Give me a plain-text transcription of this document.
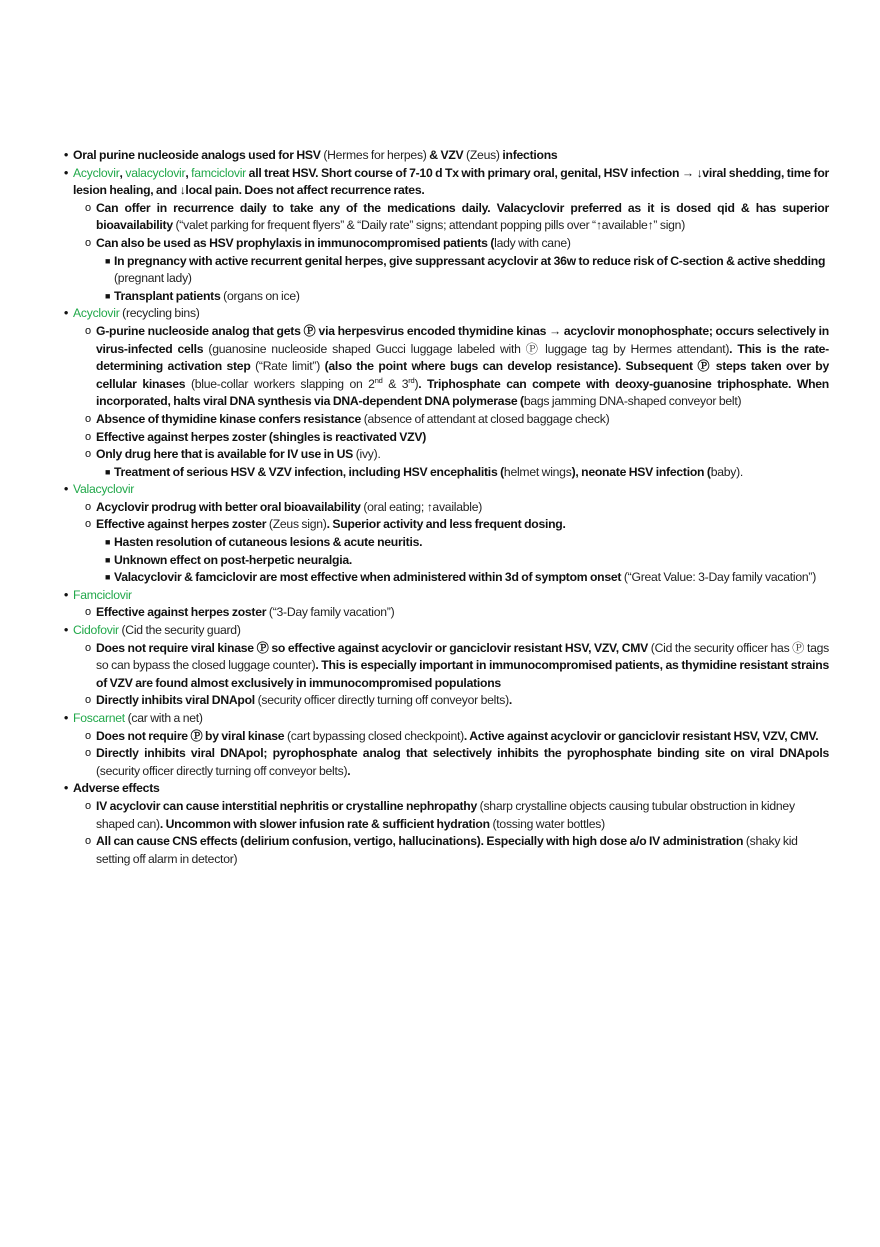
• Oral purine nucleoside analogs used for HSV (Hermes for herpes) & VZV (Zeus) infections
• Acyclovir, valacyclovir, famciclovir all treat HSV. Short course of 7-10 d Tx with primary oral, genital, HSV infection → ↓viral shedding, time for lesion healing, and ↓local pain. Does not affect recurrence rates.
o Can offer in recurrence daily to take any of the medications daily. Valacyclovir preferred as it is dosed qid & has superior bioavailability (“valet parking for frequent flyers” & “Daily rate” signs; attendant popping pills over “↑available↑” sign)
o Can also be used as HSV prophylaxis in immunocompromised patients (lady with cane)
■ In pregnancy with active recurrent genital herpes, give suppressant acyclovir at 36w to reduce risk of C-section & active shedding (pregnant lady)
■ Transplant patients (organs on ice)
• Acyclovir (recycling bins)
o G-purine nucleoside analog that gets Ⓟ via herpesvirus encoded thymidine kinas → acyclovir monophosphate; occurs selectively in virus-infected cells (guanosine nucleoside shaped Gucci luggage labeled with Ⓟ luggage tag by Hermes attendant). This is the rate-determining activation step (“Rate limit”) (also the point where bugs can develop resistance). Subsequent Ⓟ steps taken over by cellular kinases (blue-collar workers slapping on 2nd & 3rd). Triphosphate can compete with deoxy-guanosine triphosphate. When incorporated, halts viral DNA synthesis via DNA-dependent DNA polymerase (bags jamming DNA-shaped conveyor belt)
o Absence of thymidine kinase confers resistance (absence of attendant at closed baggage check)
o Effective against herpes zoster (shingles is reactivated VZV)
o Only drug here that is available for IV use in US (ivy).
■ Treatment of serious HSV & VZV infection, including HSV encephalitis (helmet wings), neonate HSV infection (baby).
• Valacyclovir
o Acyclovir prodrug with better oral bioavailability (oral eating; ↑available)
o Effective against herpes zoster (Zeus sign). Superior activity and less frequent dosing.
■ Hasten resolution of cutaneous lesions & acute neuritis.
■ Unknown effect on post-herpetic neuralgia.
■ Valacyclovir & famciclovir are most effective when administered within 3d of symptom onset (“Great Value: 3-Day family vacation”)
• Famciclovir
o Effective against herpes zoster (“3-Day family vacation”)
• Cidofovir (Cid the security guard)
o Does not require viral kinase Ⓟ so effective against acyclovir or ganciclovir resistant HSV, VZV, CMV (Cid the security officer has Ⓟ tags so can bypass the closed luggage counter). This is especially important in immunocompromised patients, as thymidine resistant strains of VZV are found almost exclusively in immunocompromised populations
o Directly inhibits viral DNApol (security officer directly turning off conveyor belts).
• Foscarnet (car with a net)
o Does not require Ⓟ by viral kinase (cart bypassing closed checkpoint). Active against acyclovir or ganciclovir resistant HSV, VZV, CMV.
o Directly inhibits viral DNApol; pyrophosphate analog that selectively inhibits the pyrophosphate binding site on viral DNApols (security officer directly turning off conveyor belts).
• Adverse effects
o IV acyclovir can cause interstitial nephritis or crystalline nephropathy (sharp crystalline objects causing tubular obstruction in kidney shaped can). Uncommon with slower infusion rate & sufficient hydration (tossing water bottles)
o All can cause CNS effects (delirium confusion, vertigo, hallucinations). Especially with high dose a/o IV administration (shaky kid setting off alarm in detector)
